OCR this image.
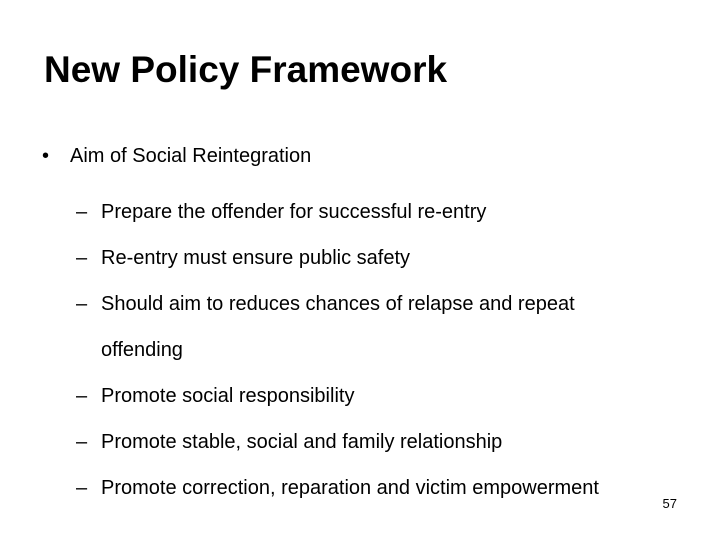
New Policy Framework
• Aim of Social Reintegration
– Prepare the offender for successful re-entry
– Re-entry must ensure public safety
– Should aim to reduces chances of relapse and repeat
offending
– Promote social responsibility
– Promote stable, social and family relationship
– Promote correction, reparation and victim empowerment
57
